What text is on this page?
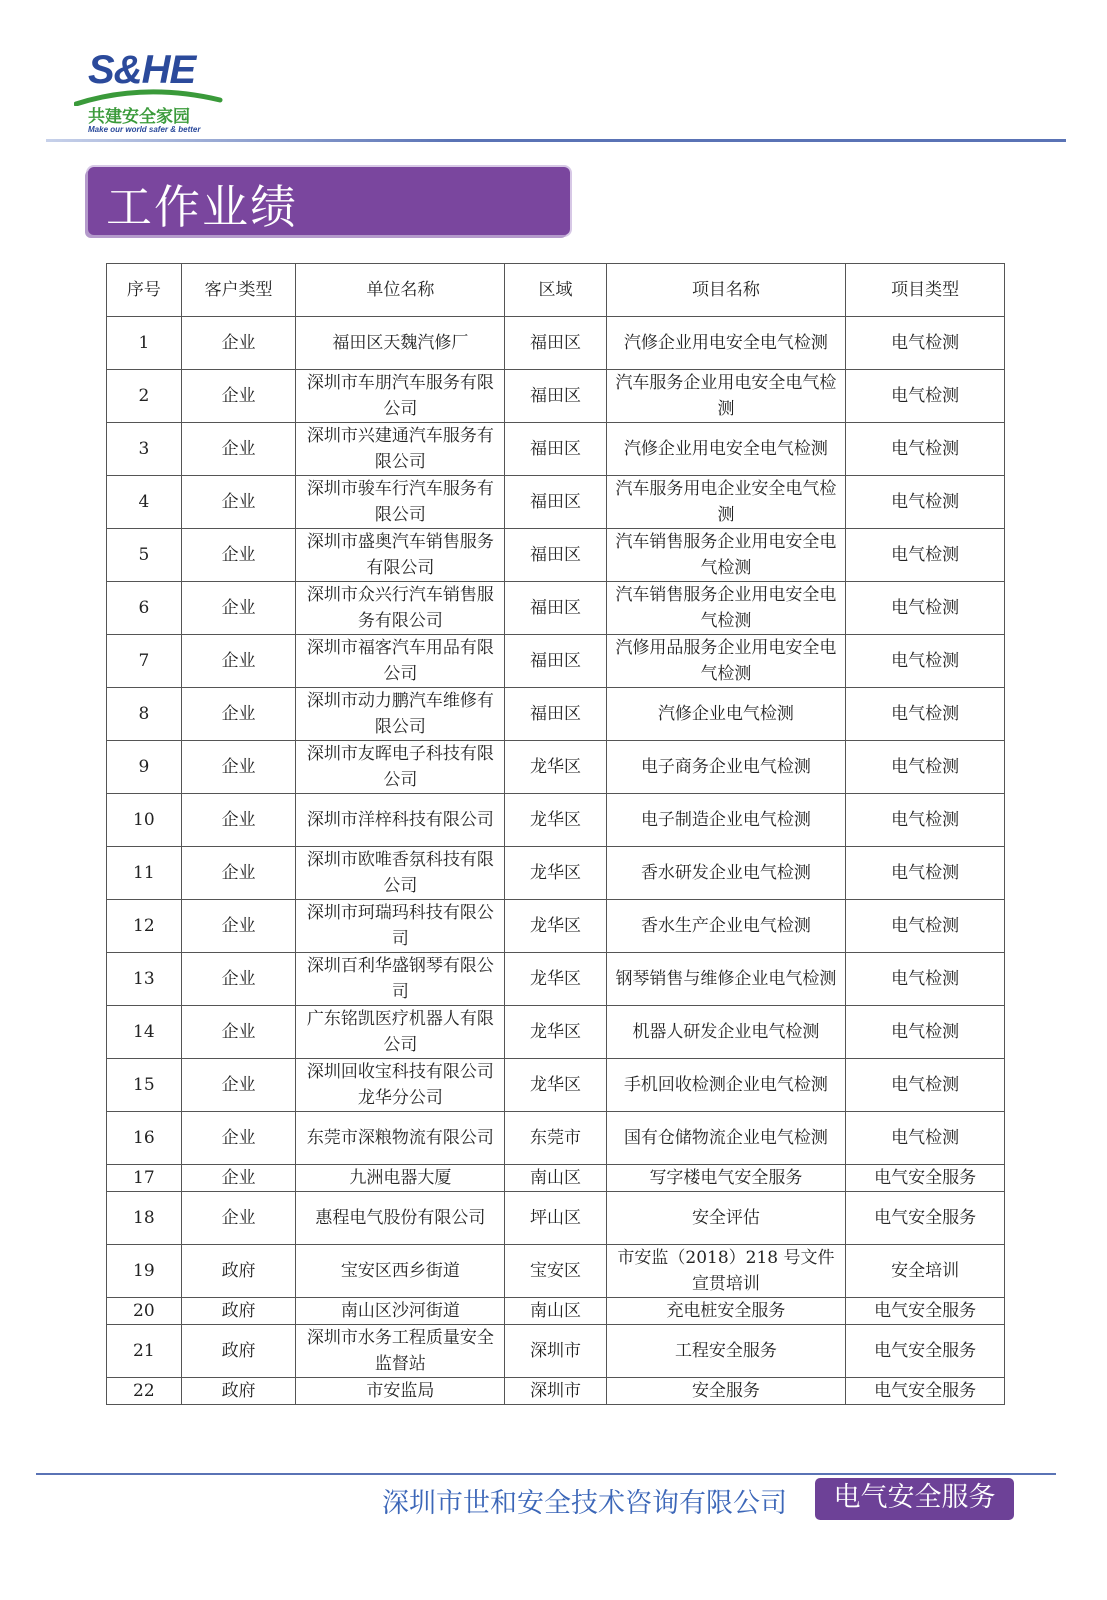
S&HE
共建安全家园
Make our world safer & better
工作业绩
序号	客户类型	单位名称	区域	项目名称	项目类型
1	企业	福田区天魏汽修厂	福田区	汽修企业用电安全电气检测	电气检测
2	企业	深圳市车朋汽车服务有限公司	福田区	汽车服务企业用电安全电气检测	电气检测
3	企业	深圳市兴建通汽车服务有限公司	福田区	汽修企业用电安全电气检测	电气检测
4	企业	深圳市骏车行汽车服务有限公司	福田区	汽车服务用电企业安全电气检测	电气检测
5	企业	深圳市盛奥汽车销售服务有限公司	福田区	汽车销售服务企业用电安全电气检测	电气检测
6	企业	深圳市众兴行汽车销售服务有限公司	福田区	汽车销售服务企业用电安全电气检测	电气检测
7	企业	深圳市福客汽车用品有限公司	福田区	汽修用品服务企业用电安全电气检测	电气检测
8	企业	深圳市动力鹏汽车维修有限公司	福田区	汽修企业电气检测	电气检测
9	企业	深圳市友晖电子科技有限公司	龙华区	电子商务企业电气检测	电气检测
10	企业	深圳市洋梓科技有限公司	龙华区	电子制造企业电气检测	电气检测
11	企业	深圳市欧唯香氛科技有限公司	龙华区	香水研发企业电气检测	电气检测
12	企业	深圳市珂瑞玛科技有限公司	龙华区	香水生产企业电气检测	电气检测
13	企业	深圳百利华盛钢琴有限公司	龙华区	钢琴销售与维修企业电气检测	电气检测
14	企业	广东铭凯医疗机器人有限公司	龙华区	机器人研发企业电气检测	电气检测
15	企业	深圳回收宝科技有限公司龙华分公司	龙华区	手机回收检测企业电气检测	电气检测
16	企业	东莞市深粮物流有限公司	东莞市	国有仓储物流企业电气检测	电气检测
17	企业	九洲电器大厦	南山区	写字楼电气安全服务	电气安全服务
18	企业	惠程电气股份有限公司	坪山区	安全评估	电气安全服务
19	政府	宝安区西乡街道	宝安区	市安监（2018）218 号文件宣贯培训	安全培训
20	政府	南山区沙河街道	南山区	充电桩安全服务	电气安全服务
21	政府	深圳市水务工程质量安全监督站	深圳市	工程安全服务	电气安全服务
22	政府	市安监局	深圳市	安全服务	电气安全服务
深圳市世和安全技术咨询有限公司	电气安全服务
